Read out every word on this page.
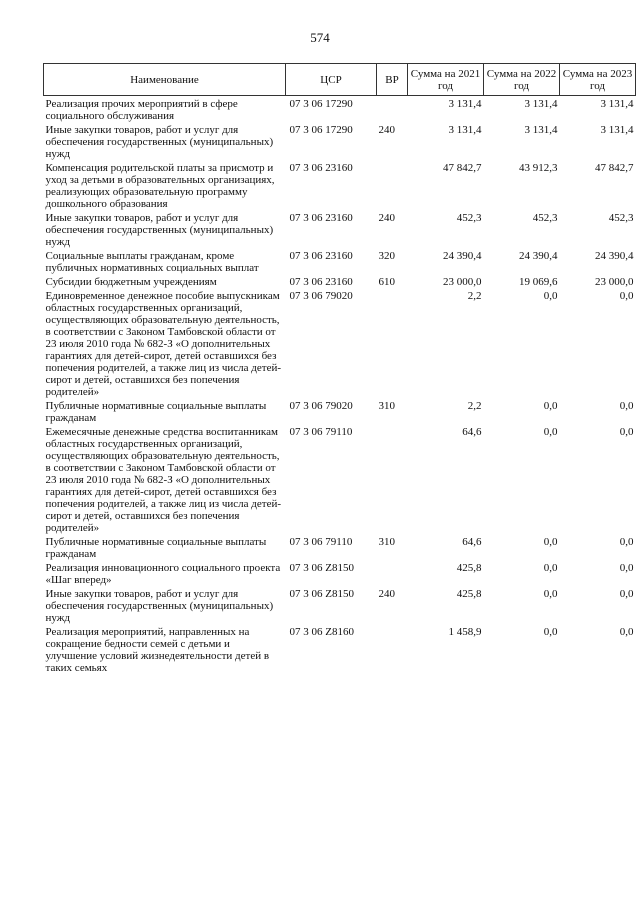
574
Наименование	ЦСР	ВР	Сумма на 2021 год	Сумма на 2022 год	Сумма на 2023 год
Реализация прочих мероприятий в сфере социального обслуживания	07 3 06 17290		3 131,4	3 131,4	3 131,4
Иные закупки товаров, работ и услуг для обеспечения государственных (муниципальных) нужд	07 3 06 17290	240	3 131,4	3 131,4	3 131,4
Компенсация родительской платы за присмотр и уход за детьми в образовательных организациях, реализующих образовательную программу дошкольного образования	07 3 06 23160		47 842,7	43 912,3	47 842,7
Иные закупки товаров, работ и услуг для обеспечения государственных (муниципальных) нужд	07 3 06 23160	240	452,3	452,3	452,3
Социальные выплаты гражданам, кроме публичных нормативных социальных выплат	07 3 06 23160	320	24 390,4	24 390,4	24 390,4
Субсидии бюджетным учреждениям	07 3 06 23160	610	23 000,0	19 069,6	23 000,0
Единовременное денежное пособие выпускникам областных государственных организаций, осуществляющих образовательную деятельность, в соответствии с Законом Тамбовской области от 23 июля 2010 года № 682-З «О дополнительных гарантиях для детей-сирот, детей оставшихся без попечения родителей, а также лиц из числа детей-сирот и детей, оставшихся без попечения родителей»	07 3 06 79020		2,2	0,0	0,0
Публичные нормативные социальные выплаты гражданам	07 3 06 79020	310	2,2	0,0	0,0
Ежемесячные денежные средства воспитанникам областных государственных организаций, осуществляющих образовательную деятельность, в соответствии с Законом Тамбовской области от 23 июля 2010 года № 682-З «О дополнительных гарантиях для детей-сирот, детей оставшихся без попечения родителей, а также лиц из числа детей-сирот и детей, оставшихся без попечения родителей»	07 3 06 79110		64,6	0,0	0,0
Публичные нормативные социальные выплаты гражданам	07 3 06 79110	310	64,6	0,0	0,0
Реализация инновационного социального проекта «Шаг вперед»	07 3 06 Z8150		425,8	0,0	0,0
Иные закупки товаров, работ и услуг для обеспечения государственных (муниципальных) нужд	07 3 06 Z8150	240	425,8	0,0	0,0
Реализация мероприятий, направленных на сокращение бедности семей с детьми и улучшение условий жизнедеятельности детей в таких семьях	07 3 06 Z8160		1 458,9	0,0	0,0
